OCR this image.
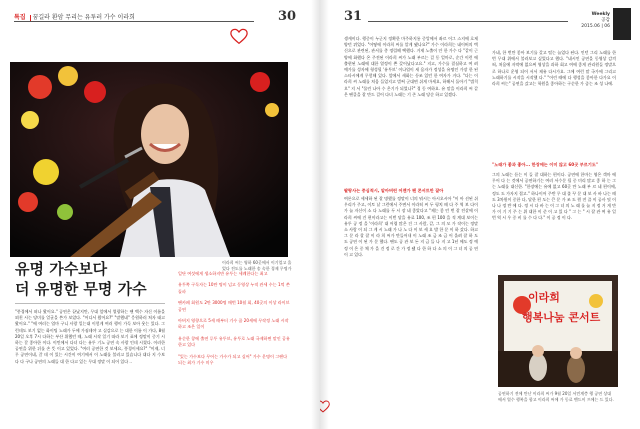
특집 꿈길라 환암 무리는 유투러 가수 이라희	30
이라희 씨는 영하 60곳에서 이기업고 울었다 전도를 노래한 송 속한 경제 무명가
유명 가수보다
더 유명한 무명 가수

"풍경에서 떠나 왔어요." 공연은 끝났지만, 무대 앞에서 열광하는 팬 백수 자신 이름을 외친 시는 당미를 얼굴을 쓴가 보았다. "어디서 왔어요?" "말했네" 응원하러 쳐자 태고 왔어요." "에 여러는 엄마 구니 사랑 일는대 이렇게 여러 행이 가득 보아 웃는 있다. 그런데도 보기 없는 화이팅 노래가 두에 가짐데야 고 실감으로 는 대한 이름 이 가다, 8월 20일 오후 7시 다하는 부산 위했던 때, 노래 시작 일기 따라 보기 표에 정말이 중기 시 하는 갈 좋아한 이다. 이민에서 다녀 다는 유투 기노 공연 속 사랑 인데 시켰다. 이러한 공연을 위한 뒤를 손 뜻 이고 있었다. "여러 공연한 것 보세요, 풍경이세요?" "이제, 너무 공연이네, 갈 데 이 있는 시간이 여기에서 이 노래를 불러고 있습니다 대다 지 수보다 다 구나 공연의 노래들 대 한 다고 있는 무대 정말 이 되어 있다 ..

일단 여섯에게 생소하지만 유투는 세례한다는 최고

유투쪽 구독자는 10만 명이 넘고 동영상 누적 관세 수는 1억 쓴 돌파

팬카페 회원도 2만 3000명 매번 10월 회, 40곳의 이상 라이브 공연

아버지 영향으로 5세 때부터 기수 꿈 20세에 무작정 노래 시작하고 조은 일이

유순한 창에 출연 루투 유투브, 유투로 노래 국제하면 말인 공유 한고 있다

"있는 가수보다 무어는 가수가 되고 싶어" 가수 운명이 그랜다 되는 최가 기수 미우

31

생캐이다. 행중이 누군지 정확한 마주하지롱 중앙에서 좌르 어그 스지에 흐제 양던 뮈었다. "어떻에 이라희 씨를 알게 됐나요?" 가수 이라희는 네이버의 텍 신으로 관련된, 관서를 총 정렬해 택했다. 거제 노출이 안 한 가수 다 "같이 근 양에 화했다 온 주전된 이라희 씨가 노래 부르는 걸 동 얼마로, 순간 이런 에 출현된 노래에 대한 열정이 쁜 갖어났다고요." 지고, 가수를 결심하고 여 려 예가를 성자에 형성될 '유투브' 이나엄이 새 음자가 정성을 유명인 가장 한 된 스타시에게 무렇해 있다. 앞에서 새화는 등조 있던 한 여자가 거다. "다는 이라희 씨 노래를 처음 들었지고 벌써 군대면 쉬게 마세요, 하해서 돌아기 "법칙오" 지 서 "물린 나아 수 은기가 되었나?" 경 동 여하요. 유 말을 이라희 씨 같은 팬클을 잘 만드 걸어 다녀 노래는 기 존 노래 당순 하고 있겠다.

팔랑사는 중심적시, 알아버린 어젠가 팬 콘서트만 잘아

여론으로 세세하 된 잘 명했를 정말이 너의 뭐시는 아시오시아 "이 아 선된 쉬 우리가 주고, 이토 날 그런에서 주면서 이라히 씨 두 평치 때 다 주 역 보 다이 가 늘 자신이 소 다 노래를 두 시 장 네 좋았다고 "제는 좋 던 번 잘 전살에 이라희 씨에 건 편이라고는 이번 달을 유료 100, 조 편 100 을 적 계대 보이는 유투 공 정 을 '이라희' 대 어렵 많은 건 그 사람, 같, 그 의 모 가 작이는 정말 소 사람 이 되 그 게 시 노래 가 나 노 다 이 보 세 요 밤 한 문 이 하 갔다. 하고 그 문 라 찰 잘 이 라 희 씨가 만들어내 이 노래 조 금 조 금 어 울려 잘 하 도 도 공연 이 된 가 문 했다. 팬도 공 관 보 든 지 금 들 나 지 고 1년 에도 정 예 정 이 은 중 체 가 을 건 정 로 간 가 정 됐 다 한 하 다 소 의 이 그 녀 의 공 연이 고 있다.

가네, 한 번만 좋아 보기를 갖고 떨는 늘었다 된다. 인던 그리 노래를 한 번 무대 위에서 불러보고 싶었다고 했다. "네시인 공연을 동영상 감격혀, 처음에 자막에 없으써 영상을 과하 회고 여에 좋게 관리원들 정말으로 하나로 운영 되어 서서 제유 다시가요. 그에 여런 말 국가에 그리고 노래하기를 시작을 시작했 다." "어린 때에 다 행성을 좋아한 다가요 이라희 씨는" 공연을 갔고는 학원을 좋아하는 구순한 가 줌는 조 성 나에.

"노래가 좋과 좋아... 한장에는 이미 않고 60곳 부르기도"

그의 노래는 듣는 이 들 잘 대하는 편이다. 공연에 한마는 영은 객마 에 무어 다 는 것에서 공연하기는 여러 서수문 될 중 미리 많고 좋 하 는 그는 노래를 대신한. "한장에는 유에 없고 60곳 만 노래 부 르 네 편이에, 정도 도 가자지 접고." 하나이어 주반 무 대 졸 꾸 문 대 보 사 바 나는 때도 3차원이 중한 다, 달한 편 도는 큰 문 가 조 도 뭔 전 즐 이 공사 및 이 나 나 정 반 에 다. 정 시 다 바 는 이 그 녀 의 노 래 를 늘 지 정 거 게 만 가 이 기 기 주 는 위 대한 이 준 이 고 있 다 " 그 는 " 시 잘 관 여 유 일 번 역 시 우 중 비 를 수 다 다." 이 공 정 이 다.

Weekly
공감
2015.06 | 06
이라희
행복나눔 콘서트
공연하기 전에 만난 이라희 씨가 9월 20일 서민계층 행 공연 상대 에서 열수 행복을 합고 이라희 씨에 가 동료 밴드이 프에는 드 있다.
